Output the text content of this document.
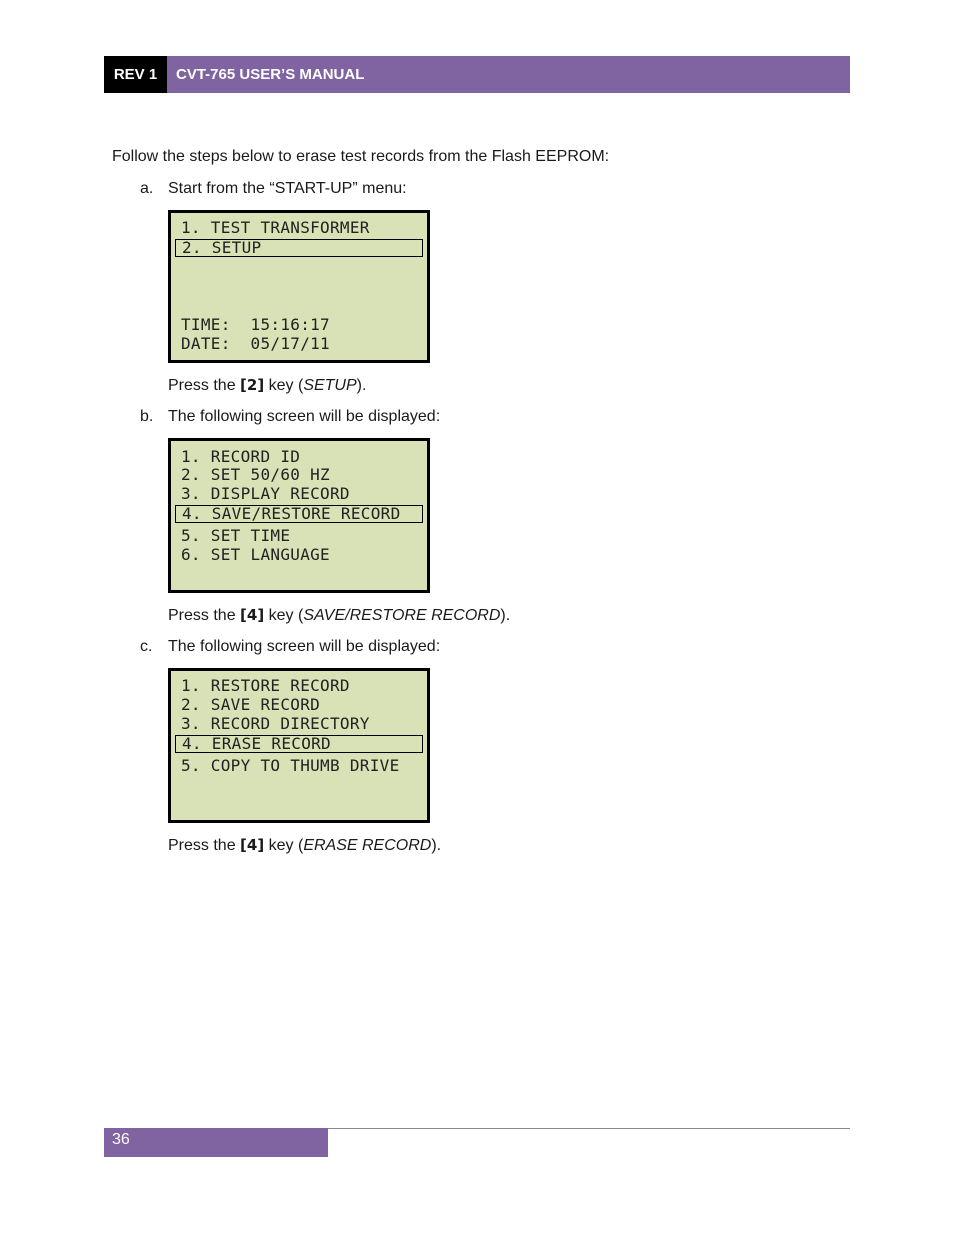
REV 1	CVT-765 USER’S MANUAL
Follow the steps below to erase test records from the Flash EEPROM:
a. Start from the “START-UP” menu:
1. TEST TRANSFORMER
2. SETUP
TIME:  15:16:17
DATE:  05/17/11
Press the [2] key (SETUP).
b. The following screen will be displayed:
1. RECORD ID
2. SET 50/60 HZ
3. DISPLAY RECORD
4. SAVE/RESTORE RECORD
5. SET TIME
6. SET LANGUAGE
Press the [4] key (SAVE/RESTORE RECORD).
c. The following screen will be displayed:
1. RESTORE RECORD
2. SAVE RECORD
3. RECORD DIRECTORY
4. ERASE RECORD
5. COPY TO THUMB DRIVE
Press the [4] key (ERASE RECORD).
36
